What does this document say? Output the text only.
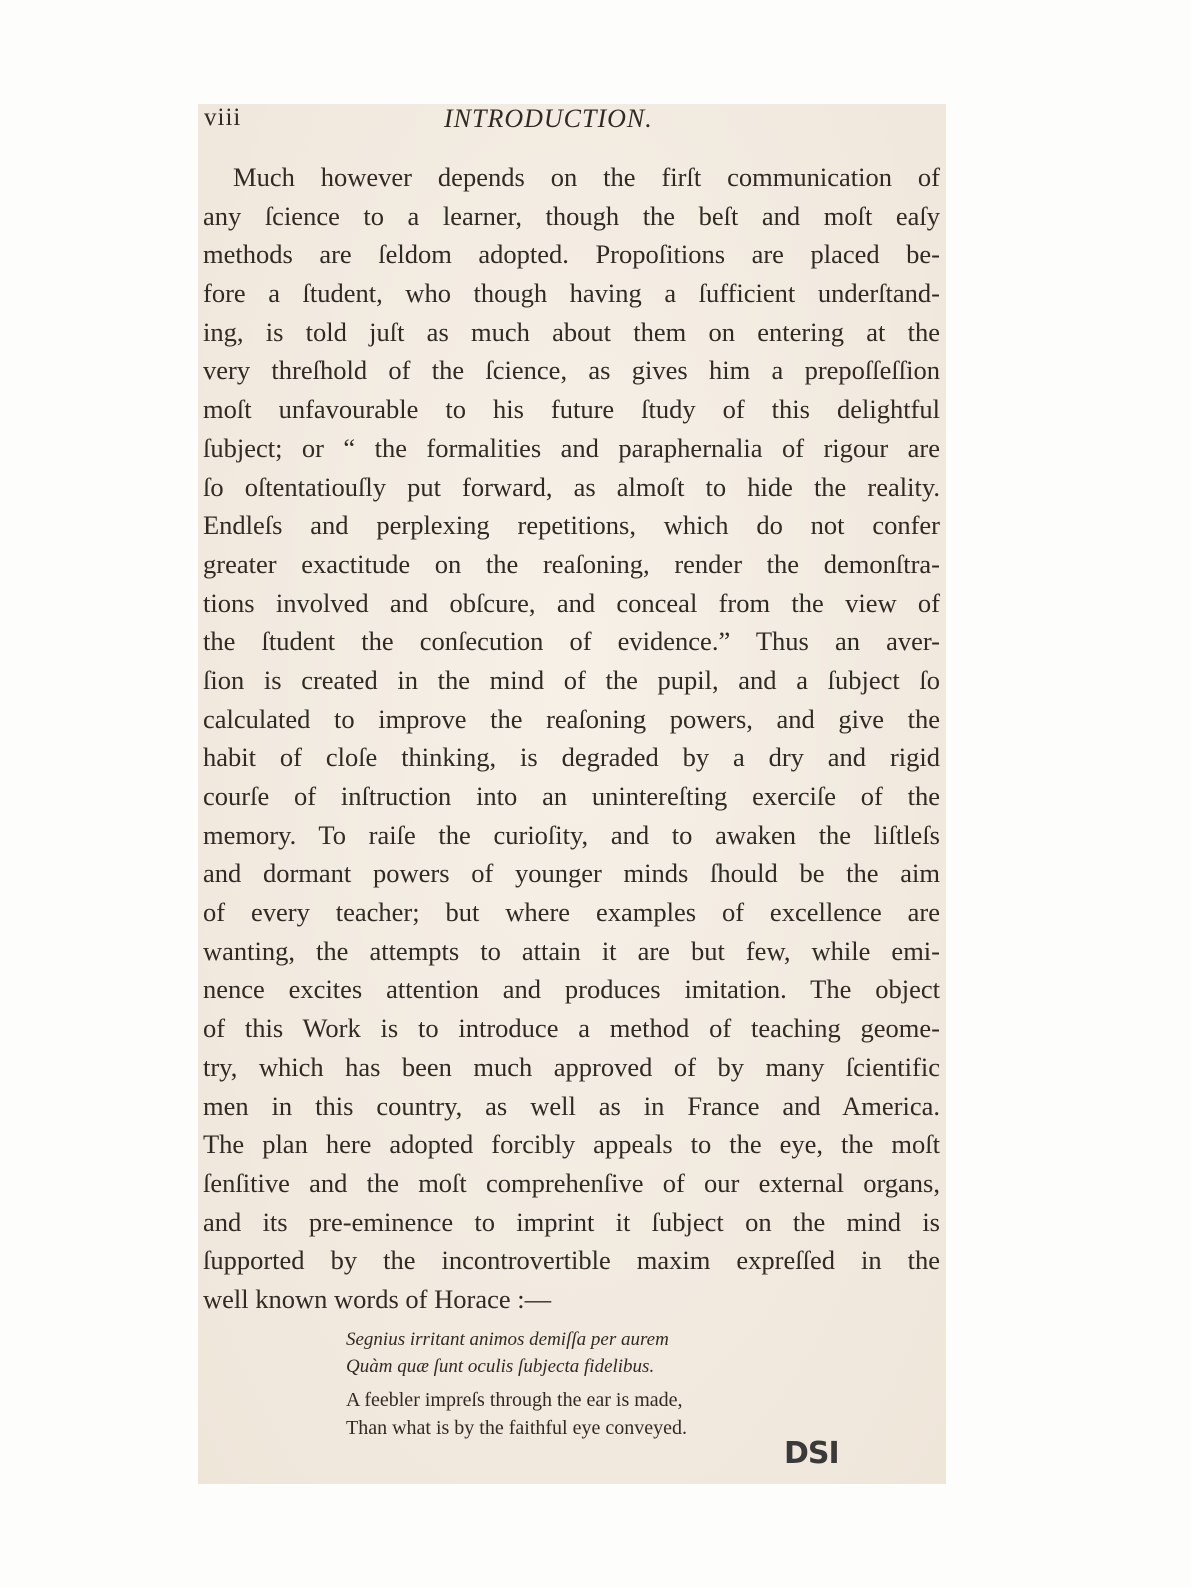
viii	INTRODUCTION.
Much however depends on the firſt communication of
any ſcience to a learner, though the beſt and moſt eaſy
methods are ſeldom adopted. Propoſitions are placed be-
fore a ſtudent, who though having a ſufficient underſtand-
ing, is told juſt as much about them on entering at the
very threſhold of the ſcience, as gives him a prepoſſeſſion
moſt unfavourable to his future ſtudy of this delightful
ſubject; or “ the formalities and paraphernalia of rigour are
ſo oſtentatiouſly put forward, as almoſt to hide the reality.
Endleſs and perplexing repetitions, which do not confer
greater exactitude on the reaſoning, render the demonſtra-
tions involved and obſcure, and conceal from the view of
the ſtudent the conſecution of evidence.” Thus an aver-
ſion is created in the mind of the pupil, and a ſubject ſo
calculated to improve the reaſoning powers, and give the
habit of cloſe thinking, is degraded by a dry and rigid
courſe of inſtruction into an unintereſting exerciſe of the
memory. To raiſe the curioſity, and to awaken the liſtleſs
and dormant powers of younger minds ſhould be the aim
of every teacher; but where examples of excellence are
wanting, the attempts to attain it are but few, while emi-
nence excites attention and produces imitation. The object
of this Work is to introduce a method of teaching geome-
try, which has been much approved of by many ſcientific
men in this country, as well as in France and America.
The plan here adopted forcibly appeals to the eye, the moſt
ſenſitive and the moſt comprehenſive of our external organs,
and its pre-eminence to imprint it ſubject on the mind is
ſupported by the incontrovertible maxim expreſſed in the
well known words of Horace :—
Segnius irritant animos demiſſa per aurem
Quàm quæ ſunt oculis ſubjecta fidelibus.
A feebler impreſs through the ear is made,
Than what is by the faithful eye conveyed.
DSI
